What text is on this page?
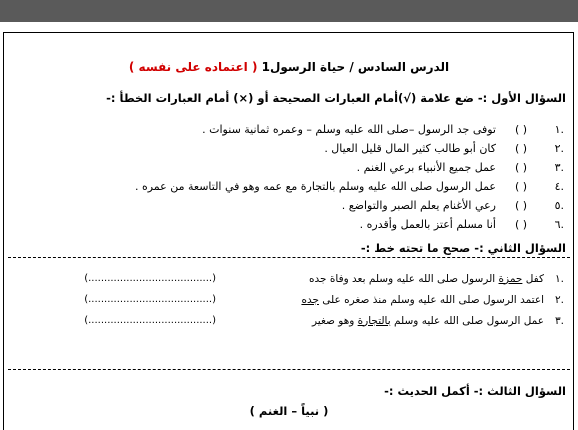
الدرس السادس / حياة الرسول1 ( اعتماده على نفسه )
السؤال الأول :- ضع علامة (√)أمام العبارات الصحيحة أو (×) أمام العبارات الخطأ :-
.١
( )
توفى جد الرسول –صلى الله عليه وسلم – وعمره ثمانية سنوات .
.٢
( )
كان أبو طالب كثير المال قليل العيال .
.٣
( )
عمل جميع الأنبياء برعي الغنم .
.٤
( )
عمل الرسول صلى الله عليه وسلم بالتجارة مع عمه وهو في التاسعة من عمره .
.٥
( )
رعي الأغنام يعلم الصبر والتواضع .
.٦
( )
أنا مسلم أعتز بالعمل وأقدره .
السؤال الثاني :- صحح ما تحته خط :-
.١
كفل حمزة الرسول صلى الله عليه وسلم بعد وفاة جده
(.......................................)
.٢
اعتمد الرسول صلى الله عليه وسلم منذ صغره على جده
(.......................................)
.٣
عمل الرسول صلى الله عليه وسلم بالتجارة وهو صغير
(.......................................)
السؤال الثالث :- أكمل الحديث :-
( نبياً – الغنم )
